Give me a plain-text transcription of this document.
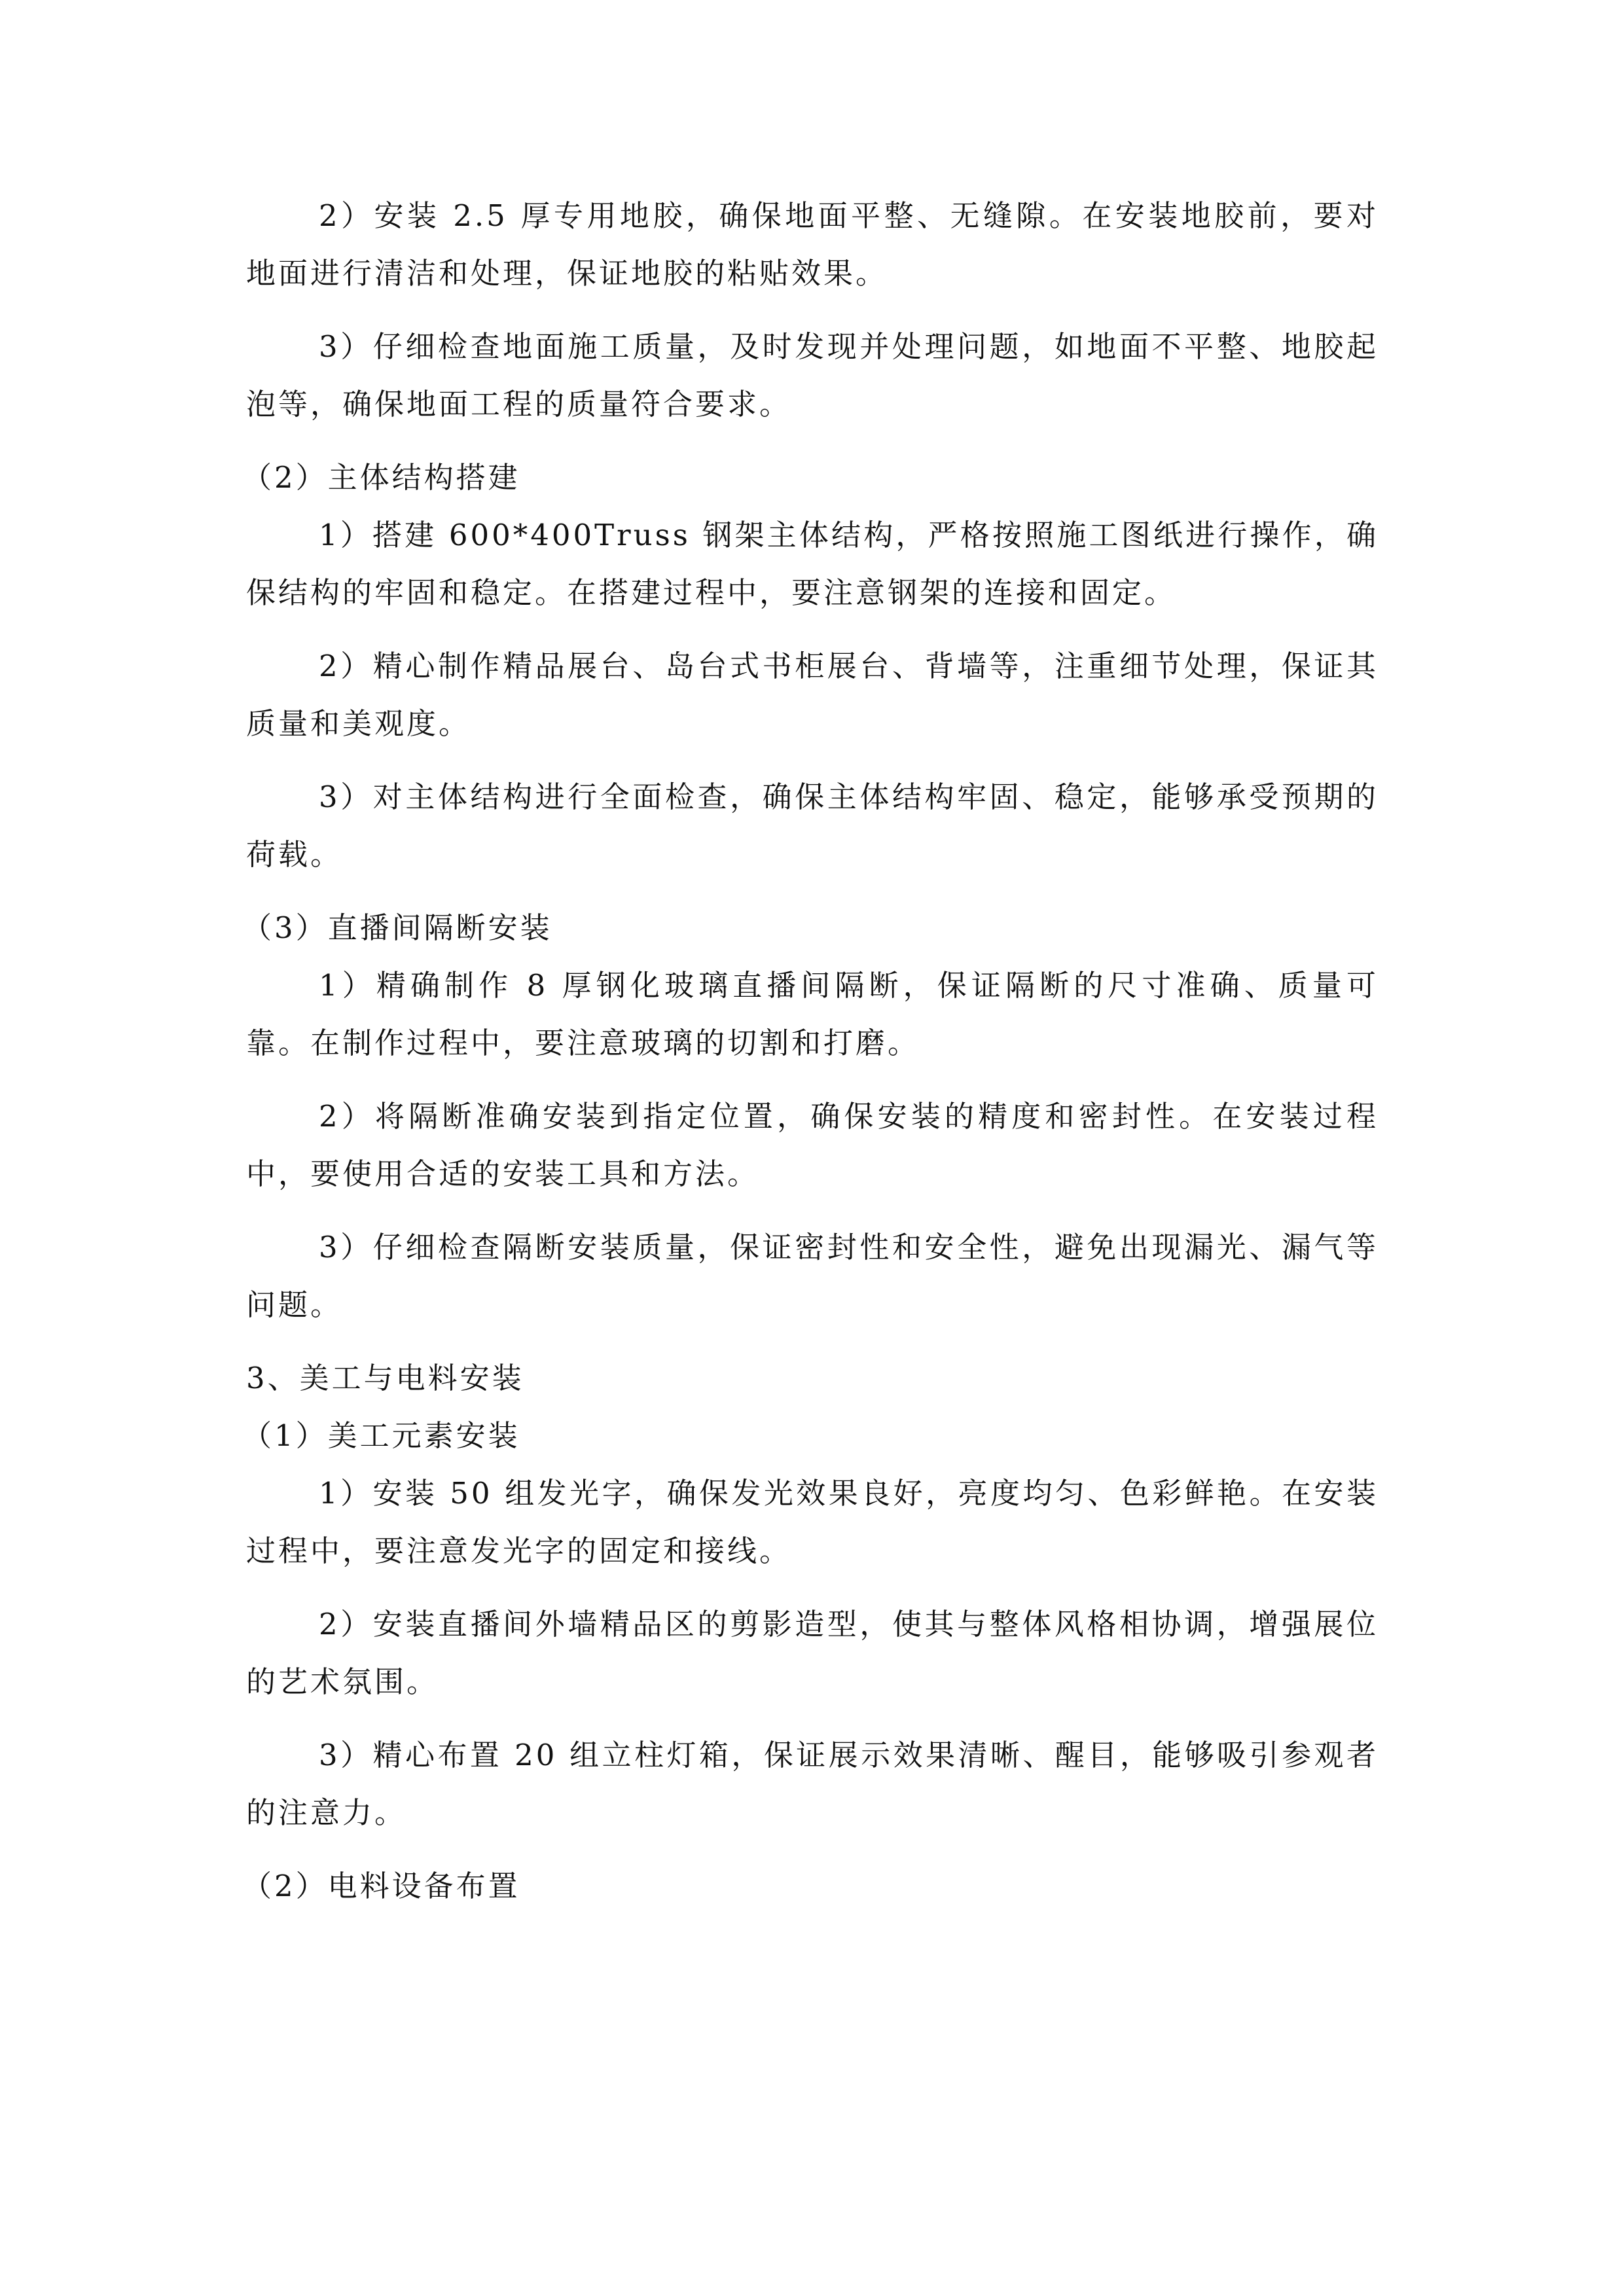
2）安装 2.5 厚专用地胶，确保地面平整、无缝隙。在安装地胶前，要对地面进行清洁和处理，保证地胶的粘贴效果。

3）仔细检查地面施工质量，及时发现并处理问题，如地面不平整、地胶起泡等，确保地面工程的质量符合要求。

（2）主体结构搭建

1）搭建 600*400Truss 钢架主体结构，严格按照施工图纸进行操作，确保结构的牢固和稳定。在搭建过程中，要注意钢架的连接和固定。

2）精心制作精品展台、岛台式书柜展台、背墙等，注重细节处理，保证其质量和美观度。

3）对主体结构进行全面检查，确保主体结构牢固、稳定，能够承受预期的荷载。

（3）直播间隔断安装

1）精确制作 8 厚钢化玻璃直播间隔断，保证隔断的尺寸准确、质量可靠。在制作过程中，要注意玻璃的切割和打磨。

2）将隔断准确安装到指定位置，确保安装的精度和密封性。在安装过程中，要使用合适的安装工具和方法。

3）仔细检查隔断安装质量，保证密封性和安全性，避免出现漏光、漏气等问题。

3、美工与电料安装
（1）美工元素安装

1）安装 50 组发光字，确保发光效果良好，亮度均匀、色彩鲜艳。在安装过程中，要注意发光字的固定和接线。

2）安装直播间外墙精品区的剪影造型，使其与整体风格相协调，增强展位的艺术氛围。

3）精心布置 20 组立柱灯箱，保证展示效果清晰、醒目，能够吸引参观者的注意力。

（2）电料设备布置
